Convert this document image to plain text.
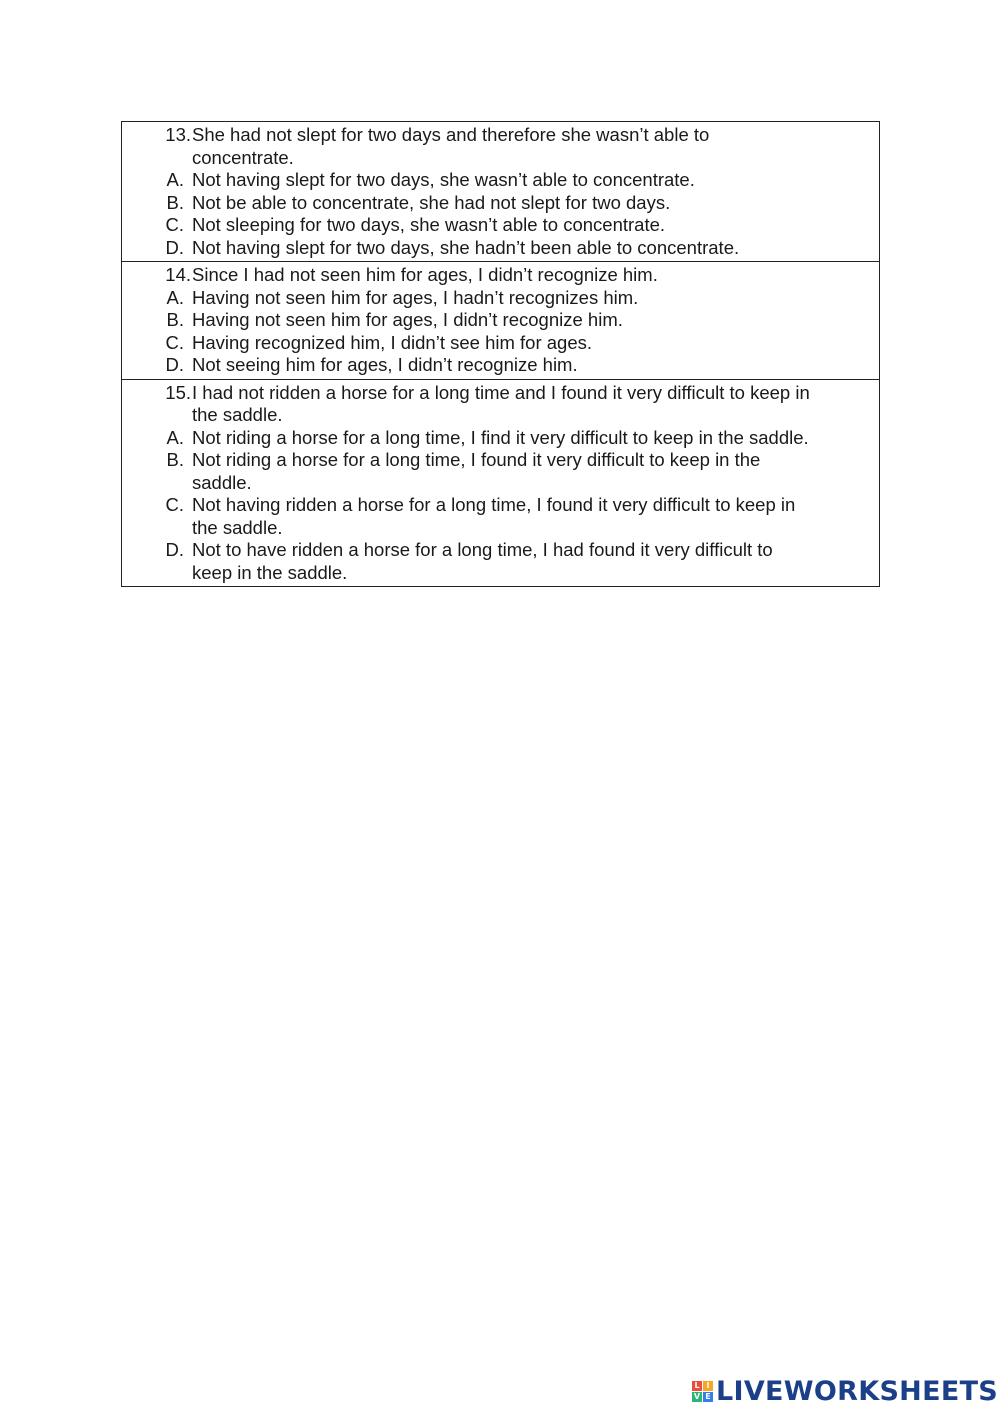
13. She had not slept for two days and therefore she wasn’t able to
concentrate.
A. Not having slept for two days, she wasn’t able to concentrate.
B. Not be able to concentrate, she had not slept for two days.
C. Not sleeping for two days, she wasn’t able to concentrate.
D. Not having slept for two days, she hadn’t been able to concentrate.
14. Since I had not seen him for ages, I didn’t recognize him.
A. Having not seen him for ages, I hadn’t recognizes him.
B. Having not seen him for ages, I didn’t recognize him.
C. Having recognized him, I didn’t see him for ages.
D. Not seeing him for ages, I didn’t recognize him.
15. I had not ridden a horse for a long time and I found it very difficult to keep in
the saddle.
A. Not riding a horse for a long time, I find it very difficult to keep in the saddle.
B. Not riding a horse for a long time, I found it very difficult to keep in the
saddle.
C. Not having ridden a horse for a long time, I found it very difficult to keep in
the saddle.
D. Not to have ridden a horse for a long time, I had found it very difficult to
keep in the saddle.
L I
V E LIVEWORKSHEETS
